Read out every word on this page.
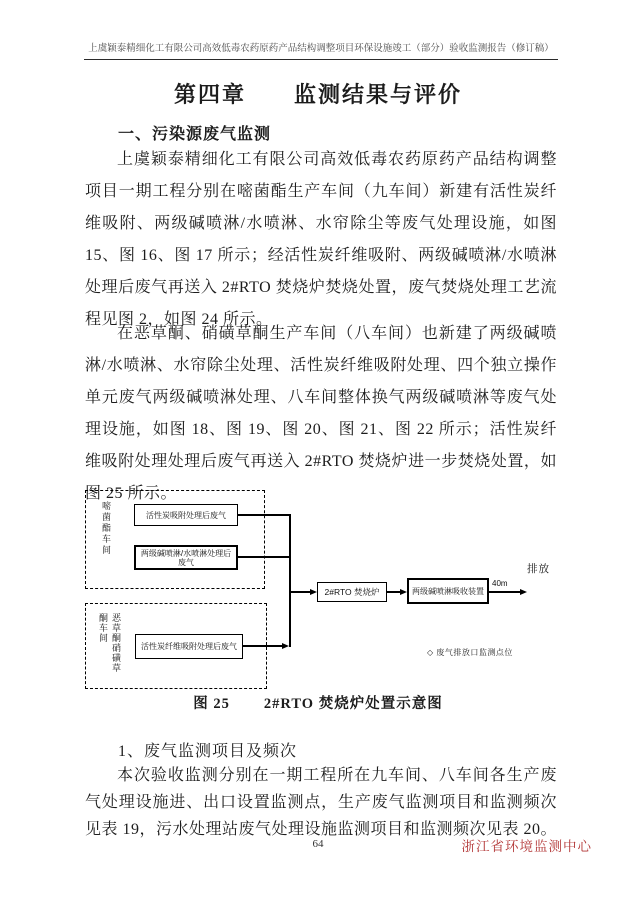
上虞颖泰精细化工有限公司高效低毒农药原药产品结构调整项目环保设施竣工（部分）验收监测报告（修订稿）
第四章　　监测结果与评价
一、污染源废气监测
上虞颖泰精细化工有限公司高效低毒农药原药产品结构调整项目一期工程分别在嘧菌酯生产车间（九车间）新建有活性炭纤维吸附、两级碱喷淋/水喷淋、水帘除尘等废气处理设施，如图 15、图 16、图 17 所示；经活性炭纤维吸附、两级碱喷淋/水喷淋处理后废气再送入 2#RTO 焚烧炉焚烧处置，废气焚烧处理工艺流程见图 2，如图 24 所示。
在恶草酮、硝磺草酮生产车间（八车间）也新建了两级碱喷淋/水喷淋、水帘除尘处理、活性炭纤维吸附处理、四个独立操作单元废气两级碱喷淋处理、八车间整体换气两级碱喷淋等废气处理设施，如图 18、图 19、图 20、图 21、图 22 所示；活性炭纤维吸附处理处理后废气再送入 2#RTO 焚烧炉进一步焚烧处置，如图 25 所示。
嘧菌酯车间	活性炭吸附处理后废气
两级碱喷淋/水喷淋处理后废气
恶草酮硝磺草酮车间
活性炭纤维吸附处理后废气
2#RTO 焚烧炉	两级碱喷淋吸收装置
40m
排放
◇ 废气排放口监测点位
图 25 2#RTO 焚烧炉处置示意图
1、废气监测项目及频次
本次验收监测分别在一期工程所在九车间、八车间各生产废气处理设施进、出口设置监测点，生产废气监测项目和监测频次见表 19，污水处理站废气处理设施监测项目和监测频次见表 20。
64	浙江省环境监测中心
